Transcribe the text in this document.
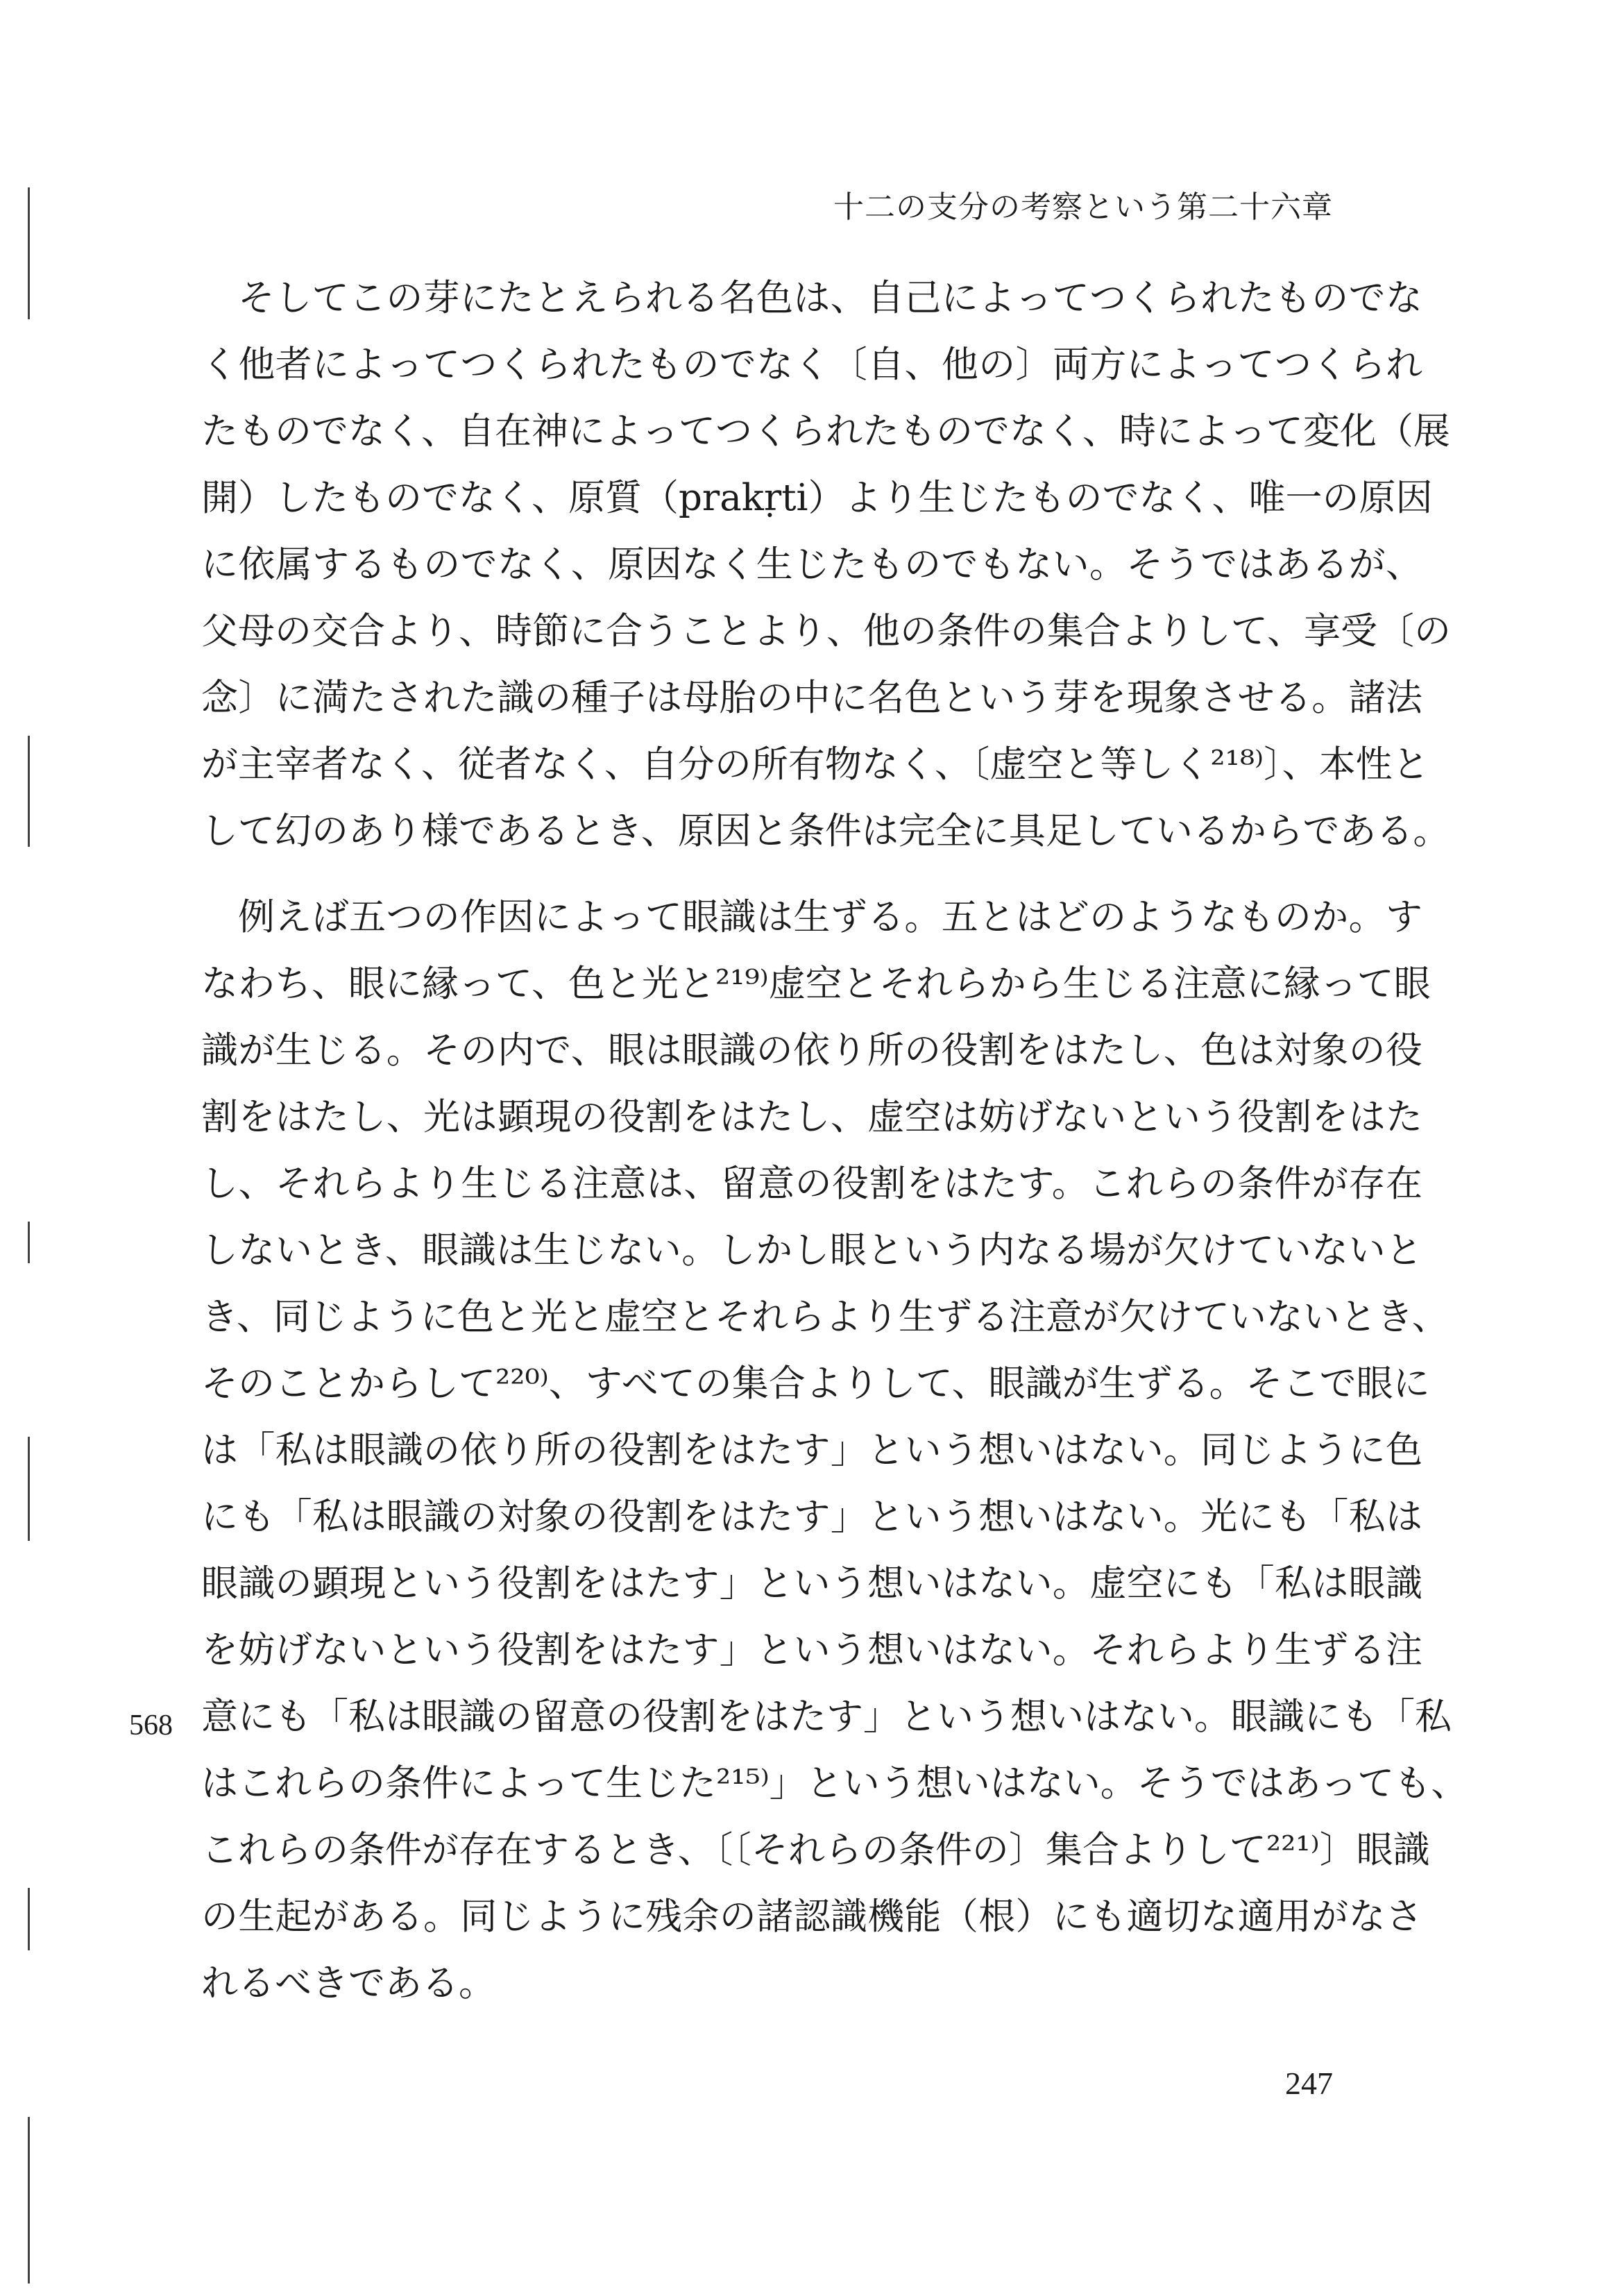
十二の支分の考察という第二十六章
そしてこの芽にたとえられる名色は、自己によってつくられたものでな
く他者によってつくられたものでなく〔自、他の〕両方によってつくられ
たものでなく、自在神によってつくられたものでなく、時によって変化（展
開）したものでなく、原質（prakṛti）より生じたものでなく、唯一の原因
に依属するものでなく、原因なく生じたものでもない。そうではあるが、
父母の交合より、時節に合うことより、他の条件の集合よりして、享受〔の
念〕に満たされた識の種子は母胎の中に名色という芽を現象させる。諸法
が主宰者なく、従者なく、自分の所有物なく、〔虚空と等しく²¹⁸⁾〕、本性と
して幻のあり様であるとき、原因と条件は完全に具足しているからである。
例えば五つの作因によって眼識は生ずる。五とはどのようなものか。す
なわち、眼に縁って、色と光と²¹⁹⁾虚空とそれらから生じる注意に縁って眼
識が生じる。その内で、眼は眼識の依り所の役割をはたし、色は対象の役
割をはたし、光は顕現の役割をはたし、虚空は妨げないという役割をはた
し、それらより生じる注意は、留意の役割をはたす。これらの条件が存在
しないとき、眼識は生じない。しかし眼という内なる場が欠けていないと
き、同じように色と光と虚空とそれらより生ずる注意が欠けていないとき、
そのことからして²²⁰⁾、すべての集合よりして、眼識が生ずる。そこで眼に
は「私は眼識の依り所の役割をはたす」という想いはない。同じように色
にも「私は眼識の対象の役割をはたす」という想いはない。光にも「私は
眼識の顕現という役割をはたす」という想いはない。虚空にも「私は眼識
を妨げないという役割をはたす」という想いはない。それらより生ずる注
意にも「私は眼識の留意の役割をはたす」という想いはない。眼識にも「私
はこれらの条件によって生じた²¹⁵⁾」という想いはない。そうではあっても、
これらの条件が存在するとき、〔〔それらの条件の〕集合よりして²²¹⁾〕眼識
の生起がある。同じように残余の諸認識機能（根）にも適切な適用がなさ
れるべきである。
568
247
